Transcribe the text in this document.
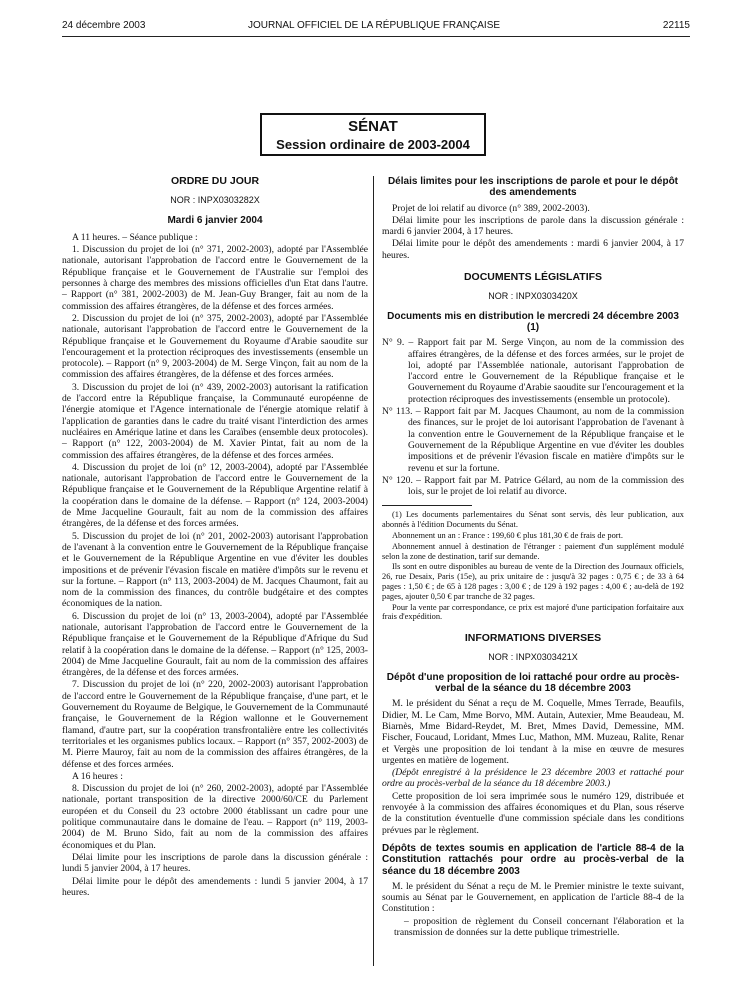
24 décembre 2003	JOURNAL OFFICIEL DE LA RÉPUBLIQUE FRANÇAISE	22115
SÉNAT
Session ordinaire de 2003-2004
ORDRE DU JOUR
NOR : INPX0303282X
Mardi 6 janvier 2004

A 11 heures. – Séance publique :

1. Discussion du projet de loi (n° 371, 2002-2003), adopté par l'Assemblée nationale, autorisant l'approbation de l'accord entre le Gouvernement de la République française et le Gouvernement de l'Australie sur l'emploi des personnes à charge des membres des missions officielles d'un Etat dans l'autre. – Rapport (n° 381, 2002-2003) de M. Jean-Guy Branger, fait au nom de la commission des affaires étrangères, de la défense et des forces armées.

2. Discussion du projet de loi (n° 375, 2002-2003), adopté par l'Assemblée nationale, autorisant l'approbation de l'accord entre le Gouvernement de la République française et le Gouvernement du Royaume d'Arabie saoudite sur l'encouragement et la protection réciproques des investissements (ensemble un protocole). – Rapport (n° 9, 2003-2004) de M. Serge Vinçon, fait au nom de la commission des affaires étrangères, de la défense et des forces armées.

3. Discussion du projet de loi (n° 439, 2002-2003) autorisant la ratification de l'accord entre la République française, la Communauté européenne de l'énergie atomique et l'Agence internationale de l'énergie atomique relatif à l'application de garanties dans le cadre du traité visant l'interdiction des armes nucléaires en Amérique latine et dans les Caraïbes (ensemble deux protocoles). – Rapport (n° 122, 2003-2004) de M. Xavier Pintat, fait au nom de la commission des affaires étrangères, de la défense et des forces armées.

4. Discussion du projet de loi (n° 12, 2003-2004), adopté par l'Assemblée nationale, autorisant l'approbation de l'accord entre le Gouvernement de la République française et le Gouvernement de la République Argentine relatif à la coopération dans le domaine de la défense. – Rapport (n° 124, 2003-2004) de Mme Jacqueline Gourault, fait au nom de la commission des affaires étrangères, de la défense et des forces armées.

5. Discussion du projet de loi (n° 201, 2002-2003) autorisant l'approbation de l'avenant à la convention entre le Gouvernement de la République française et le Gouvernement de la République Argentine en vue d'éviter les doubles impositions et de prévenir l'évasion fiscale en matière d'impôts sur le revenu et sur la fortune. – Rapport (n° 113, 2003-2004) de M. Jacques Chaumont, fait au nom de la commission des finances, du contrôle budgétaire et des comptes économiques de la nation.

6. Discussion du projet de loi (n° 13, 2003-2004), adopté par l'Assemblée nationale, autorisant l'approbation de l'accord entre le Gouvernement de la République française et le Gouvernement de la République d'Afrique du Sud relatif à la coopération dans le domaine de la défense. – Rapport (n° 125, 2003-2004) de Mme Jacqueline Gourault, fait au nom de la commission des affaires étrangères, de la défense et des forces armées.

7. Discussion du projet de loi (n° 220, 2002-2003) autorisant l'approbation de l'accord entre le Gouvernement de la République française, d'une part, et le Gouvernement du Royaume de Belgique, le Gouvernement de la Communauté française, le Gouvernement de la Région wallonne et le Gouvernement flamand, d'autre part, sur la coopération transfrontalière entre les collectivités territoriales et les organismes publics locaux. – Rapport (n° 357, 2002-2003) de M. Pierre Mauroy, fait au nom de la commission des affaires étrangères, de la défense et des forces armées.

A 16 heures :

8. Discussion du projet de loi (n° 260, 2002-2003), adopté par l'Assemblée nationale, portant transposition de la directive 2000/60/CE du Parlement européen et du Conseil du 23 octobre 2000 établissant un cadre pour une politique communautaire dans le domaine de l'eau. – Rapport (n° 119, 2003-2004) de M. Bruno Sido, fait au nom de la commission des affaires économiques et du Plan.

Délai limite pour les inscriptions de parole dans la discussion générale : lundi 5 janvier 2004, à 17 heures.

Délai limite pour le dépôt des amendements : lundi 5 janvier 2004, à 17 heures.

Délais limites pour les inscriptions de parole et pour le dépôt des amendements

Projet de loi relatif au divorce (n° 389, 2002-2003).

Délai limite pour les inscriptions de parole dans la discussion générale : mardi 6 janvier 2004, à 17 heures.

Délai limite pour le dépôt des amendements : mardi 6 janvier 2004, à 17 heures.

DOCUMENTS LÉGISLATIFS
NOR : INPX0303420X
Documents mis en distribution le mercredi 24 décembre 2003 (1)
N° 9. – Rapport fait par M. Serge Vinçon, au nom de la commission des affaires étrangères, de la défense et des forces armées, sur le projet de loi, adopté par l'Assemblée nationale, autorisant l'approbation de l'accord entre le Gouvernement de la République française et le Gouvernement du Royaume d'Arabie saoudite sur l'encouragement et la protection réciproques des investissements (ensemble un protocole).
N° 113. – Rapport fait par M. Jacques Chaumont, au nom de la commission des finances, sur le projet de loi autorisant l'approbation de l'avenant à la convention entre le Gouvernement de la République française et le Gouvernement de la République Argentine en vue d'éviter les doubles impositions et de prévenir l'évasion fiscale en matière d'impôts sur le revenu et sur la fortune.
N° 120. – Rapport fait par M. Patrice Gélard, au nom de la commission des lois, sur le projet de loi relatif au divorce.

(1) Les documents parlementaires du Sénat sont servis, dès leur publication, aux abonnés à l'édition Documents du Sénat.

Abonnement un an : France : 199,60 € plus 181,30 € de frais de port.

Abonnement annuel à destination de l'étranger : paiement d'un supplément modulé selon la zone de destination, tarif sur demande.

Ils sont en outre disponibles au bureau de vente de la Direction des Journaux officiels, 26, rue Desaix, Paris (15e), au prix unitaire de : jusqu'à 32 pages : 0,75 € ; de 33 à 64 pages : 1,50 € ; de 65 à 128 pages : 3,00 € ; de 129 à 192 pages : 4,00 € ; au-delà de 192 pages, ajouter 0,50 € par tranche de 32 pages.

Pour la vente par correspondance, ce prix est majoré d'une participation forfaitaire aux frais d'expédition.

INFORMATIONS DIVERSES
NOR : INPX0303421X
Dépôt d'une proposition de loi rattaché pour ordre au procès-verbal de la séance du 18 décembre 2003

M. le président du Sénat a reçu de M. Coquelle, Mmes Terrade, Beaufils, Didier, M. Le Cam, Mme Borvo, MM. Autain, Autexier, Mme Beaudeau, M. Biarnès, Mme Bidard-Reydet, M. Bret, Mmes David, Demessine, MM. Fischer, Foucaud, Loridant, Mmes Luc, Mathon, MM. Muzeau, Ralite, Renar et Vergès une proposition de loi tendant à la mise en œuvre de mesures urgentes en matière de logement.

(Dépôt enregistré à la présidence le 23 décembre 2003 et rattaché pour ordre au procès-verbal de la séance du 18 décembre 2003.)

Cette proposition de loi sera imprimée sous le numéro 129, distribuée et renvoyée à la commission des affaires économiques et du Plan, sous réserve de la constitution éventuelle d'une commission spéciale dans les conditions prévues par le règlement.

Dépôts de textes soumis en application de l'article 88-4 de la Constitution rattachés pour ordre au procès-verbal de la séance du 18 décembre 2003

M. le président du Sénat a reçu de M. le Premier ministre le texte suivant, soumis au Sénat par le Gouvernement, en application de l'article 88-4 de la Constitution :

– proposition de règlement du Conseil concernant l'élaboration et la transmission de données sur la dette publique trimestrielle.
